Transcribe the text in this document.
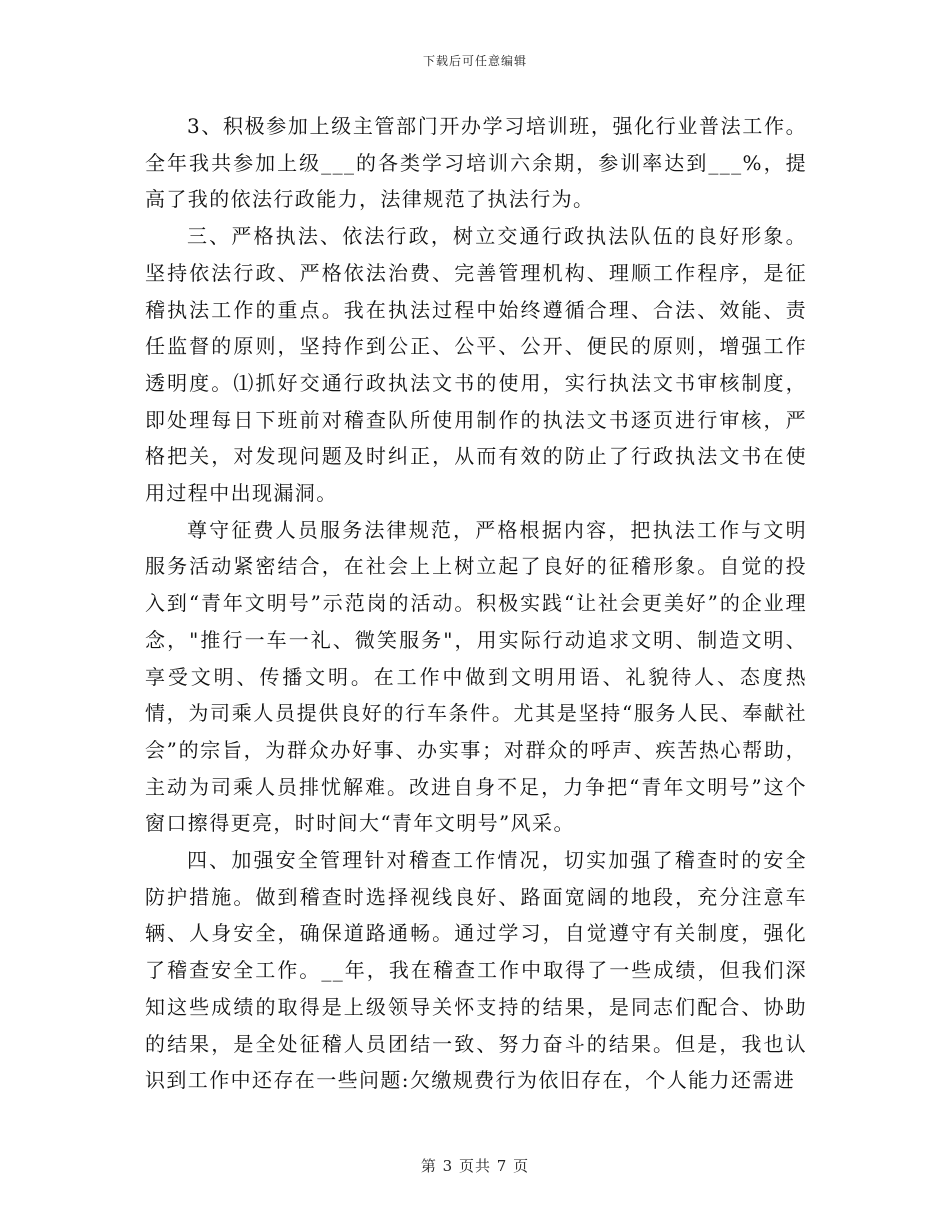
下载后可任意编辑

3、积极参加上级主管部门开办学习培训班，强化行业普法工作。全年我共参加上级___的各类学习培训六余期，参训率达到___%，提高了我的依法行政能力，法律规范了执法行为。

三、严格执法、依法行政，树立交通行政执法队伍的良好形象。坚持依法行政、严格依法治费、完善管理机构、理顺工作程序，是征稽执法工作的重点。我在执法过程中始终遵循合理、合法、效能、责任监督的原则，坚持作到公正、公平、公开、便民的原则，增强工作透明度。⑴抓好交通行政执法文书的使用，实行执法文书审核制度，即处理每日下班前对稽查队所使用制作的执法文书逐页进行审核，严格把关，对发现问题及时纠正，从而有效的防止了行政执法文书在使用过程中出现漏洞。

尊守征费人员服务法律规范，严格根据内容，把执法工作与文明服务活动紧密结合，在社会上上树立起了良好的征稽形象。自觉的投入到“青年文明号”示范岗的活动。积极实践“让社会更美好”的企业理念，"推行一车一礼、微笑服务"，用实际行动追求文明、制造文明、享受文明、传播文明。在工作中做到文明用语、礼貌待人、态度热情，为司乘人员提供良好的行车条件。尤其是坚持“服务人民、奉献社会”的宗旨，为群众办好事、办实事；对群众的呼声、疾苦热心帮助，主动为司乘人员排忧解难。改进自身不足，力争把“青年文明号”这个窗口擦得更亮，时时间大“青年文明号”风采。

四、加强安全管理针对稽查工作情况，切实加强了稽查时的安全防护措施。做到稽查时选择视线良好、路面宽阔的地段，充分注意车辆、人身安全，确保道路通畅。通过学习，自觉遵守有关制度，强化了稽查安全工作。__年，我在稽查工作中取得了一些成绩，但我们深知这些成绩的取得是上级领导关怀支持的结果，是同志们配合、协助的结果，是全处征稽人员团结一致、努力奋斗的结果。但是，我也认识到工作中还存在一些问题:欠缴规费行为依旧存在，个人能力还需进

第 3 页共 7 页
